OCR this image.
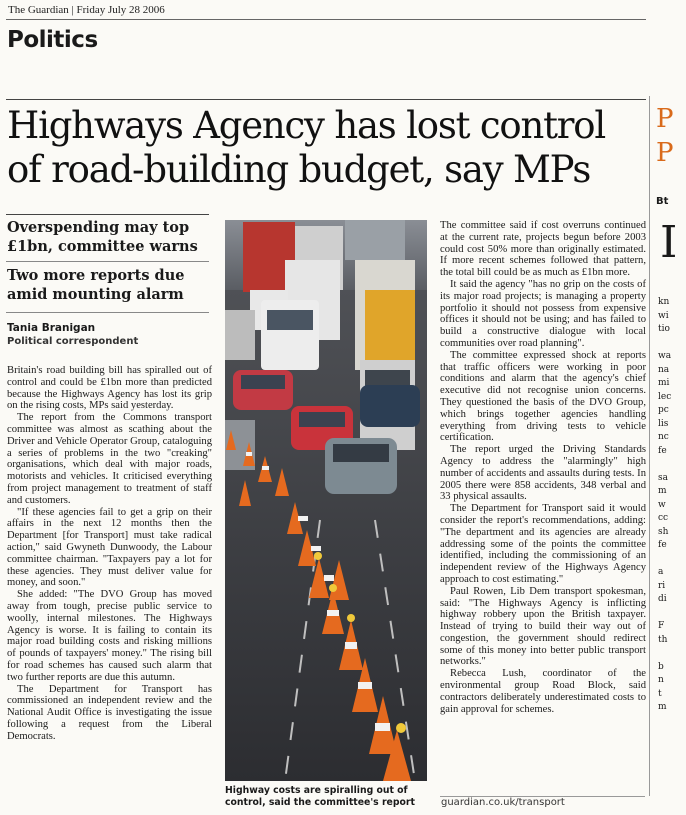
The Guardian | Friday July 28 2006
Politics
Highways Agency has lost control of road-building budget, say MPs
Overspending may top £1bn, committee warns
Two more reports due amid mounting alarm
Tania Branigan
Political correspondent

Britain's road building bill has spiralled out of control and could be £1bn more than predicted because the Highways Agency has lost its grip on the rising costs, MPs said yesterday.

The report from the Commons transport committee was almost as scathing about the Driver and Vehicle Operator Group, cataloguing a series of problems in the two "creaking" organisations, which deal with major roads, motorists and vehicles. It criticised everything from project management to treatment of staff and customers.

"If these agencies fail to get a grip on their affairs in the next 12 months then the Department [for Transport] must take radical action," said Gwyneth Dunwoody, the Labour committee chairman. "Taxpayers pay a lot for these agencies. They must deliver value for money, and soon."

She added: "The DVO Group has moved away from tough, precise public service to woolly, internal milestones. The Highways Agency is worse. It is failing to contain its major road building costs and risking millions of pounds of taxpayers' money." The rising bill for road schemes has caused such alarm that two further reports are due this autumn.

The Department for Transport has commissioned an independent review and the National Audit Office is investigating the issue following a request from the Liberal Democrats.

Highway costs are spiralling out of control, said the committee's report

The committee said if cost overruns continued at the current rate, projects begun before 2003 could cost 50% more than originally estimated. If more recent schemes followed that pattern, the total bill could be as much as £1bn more.

It said the agency "has no grip on the costs of its major road projects; is managing a property portfolio it should not possess from expensive offices it should not be using; and has failed to build a constructive dialogue with local communities over road planning".

The committee expressed shock at reports that traffic officers were working in poor conditions and alarm that the agency's chief executive did not recognise union concerns. They questioned the basis of the DVO Group, which brings together agencies handling everything from driving tests to vehicle certification.

The report urged the Driving Standards Agency to address the "alarmingly" high number of accidents and assaults during tests. In 2005 there were 858 accidents, 348 verbal and 33 physical assaults.

The Department for Transport said it would consider the report's recommendations, adding: "The department and its agencies are already addressing some of the points the committee identified, including the commissioning of an independent review of the Highways Agency approach to cost estimating."

Paul Rowen, Lib Dem transport spokesman, said: "The Highways Agency is inflicting highway robbery upon the British taxpayer. Instead of trying to build their way out of congestion, the government should redirect some of this money into better public transport networks."

Rebecca Lush, coordinator of the environmental group Road Block, said contractors deliberately underestimated costs to gain approval for schemes.

guardian.co.uk/transport
P
P
Bt
I
kn
wi
tio

wa
na
mi
lec
pc
lis
nc
fe

sa
m
w
cc
sh
fe

a
ri
di

F
th

b
n
t
m
